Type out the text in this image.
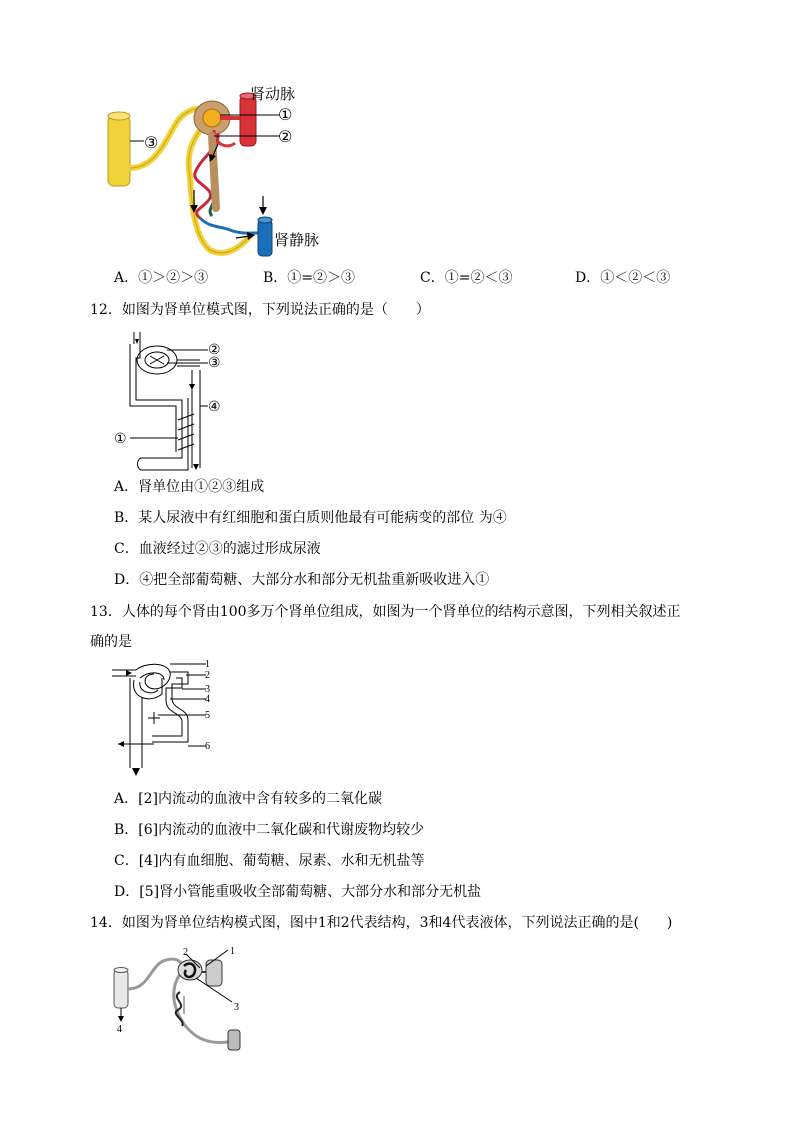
肾动脉
肾静脉
①
②
③
A．①＞②＞③	B．①=②＞③	C．①=②＜③	D．①＜②＜③
12．如图为肾单位模式图，下列说法正确的是（　　）
①
②
③
④
A．肾单位由①②③组成
B．某人尿液中有红细胞和蛋白质则他最有可能病变的部位 为④
C．血液经过②③的滤过形成尿液
D．④把全部葡萄糖、大部分水和部分无机盐重新吸收进入①
13．人体的每个肾由100多万个肾单位组成，如图为一个肾单位的结构示意图，下列相关叙述正
确的是
1
2
3
4
5
6
A．[2]内流动的血液中含有较多的二氧化碳
B．[6]内流动的血液中二氧化碳和代谢废物均较少
C．[4]内有血细胞、葡萄糖、尿素、水和无机盐等
D．[5]肾小管能重吸收全部葡萄糖、大部分水和部分无机盐
14．如图为肾单位结构模式图，图中1和2代表结构，3和4代表液体，下列说法正确的是(　　)
1
2
3
4
